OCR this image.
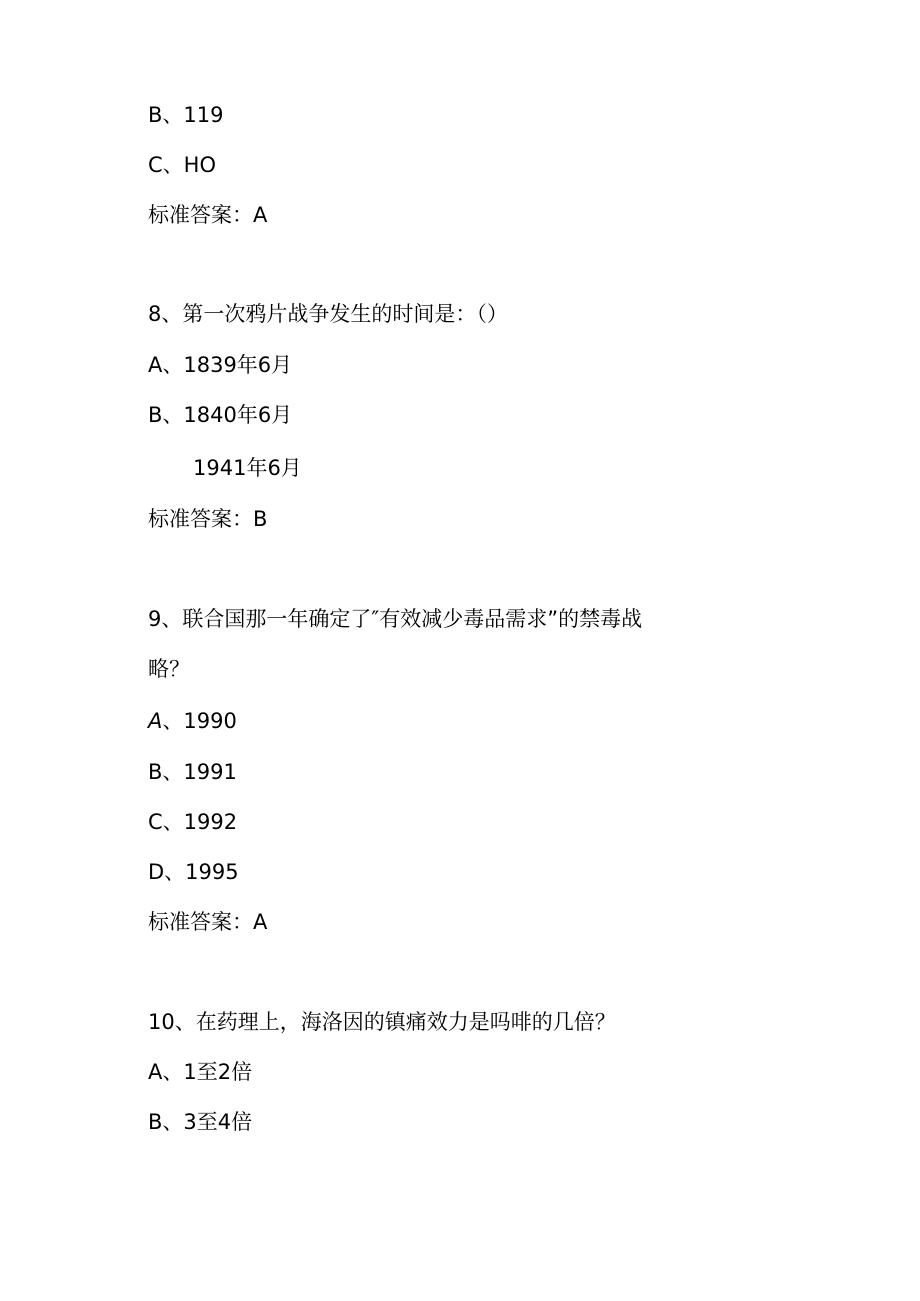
B、119
C、HO
标准答案：A
8、第一次鸦片战争发生的时间是：（）
A、1839年6月
B、1840年6月
1941年6月
标准答案：B
9、联合国那一年确定了″有效减少毒品需求”的禁毒战
略？
A、1990
B、1991
C、1992
D、1995
标准答案：A
10、在药理上，海洛因的镇痛效力是吗啡的几倍？
A、1至2倍
B、3至4倍
